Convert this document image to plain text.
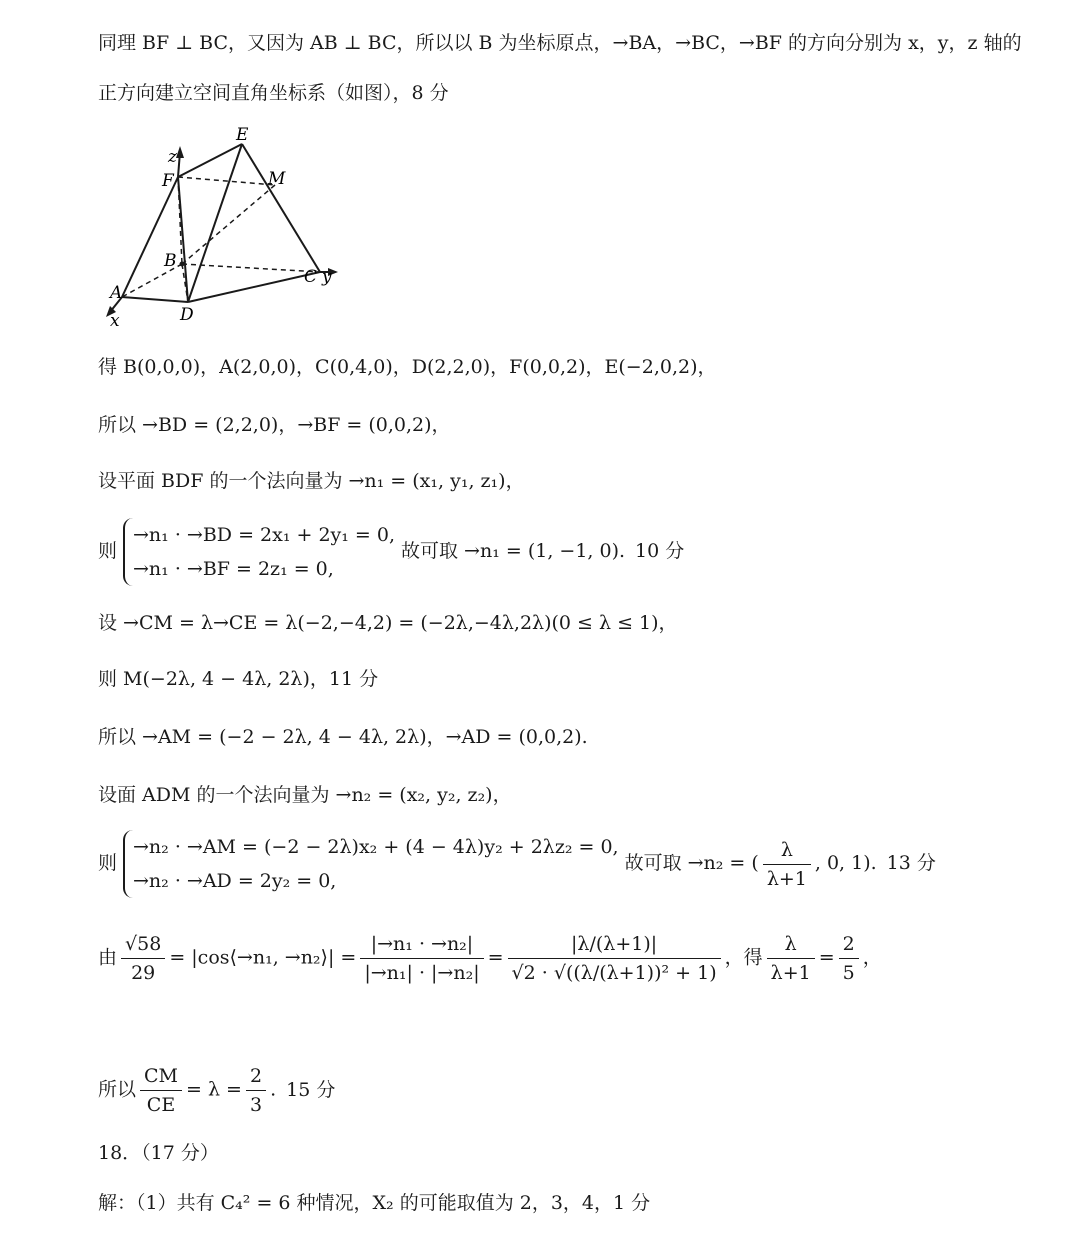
同理 BF ⊥ BC，又因为 AB ⊥ BC，所以以 B 为坐标原点，→BA，→BC，→BF 的方向分别为 x，y，z 轴的
正方向建立空间直角坐标系（如图），8 分
E
M
F
z
B
C y
A
x	D
得 B(0,0,0)，A(2,0,0)，C(0,4,0)，D(2,2,0)，F(0,0,2)，E(−2,0,2)，
所以 →BD = (2,2,0)，→BF = (0,0,2)，
设平面 BDF 的一个法向量为 →n₁ = (x₁, y₁, z₁)，
则
→n₁ · →BD = 2x₁ + 2y₁ = 0,
→n₁ · →BF = 2z₁ = 0,
故可取 →n₁ = (1, −1, 0). 10 分
设 →CM = λ→CE = λ(−2,−4,2) = (−2λ,−4λ,2λ)(0 ≤ λ ≤ 1)，
则 M(−2λ, 4 − 4λ, 2λ)，11 分
所以 →AM = (−2 − 2λ, 4 − 4λ, 2λ)，→AD = (0,0,2).
设面 ADM 的一个法向量为 →n₂ = (x₂, y₂, z₂)，
则
→n₂ · →AM = (−2 − 2λ)x₂ + (4 − 4λ)y₂ + 2λz₂ = 0,
→n₂ · →AD = 2y₂ = 0,
故可取 →n₂ = ( $\frac{\lambda}{\lambda+1}$ , 0, 1). 13 分
由 $\frac{√58}{29}$ = |cos⟨→n₁, →n₂⟩| = $\frac{\text{|→n₁ · →n₂|}}{\text{|→n₁| · |→n₂|}} = \frac{|\lambda/(\lambda+1)|}{\text{√2 · √((λ/(λ+1))² + 1)}}$ ，得 $\frac{\lambda}{\lambda+1} = \frac{2}{5}$ ，
所以 $\frac{CM}{CE} = \lambda = \frac{2}{3}$ . 15 分
18．（17 分）
解：（1）共有 C₄² = 6 种情况，X₂ 的可能取值为 2，3，4，1 分
